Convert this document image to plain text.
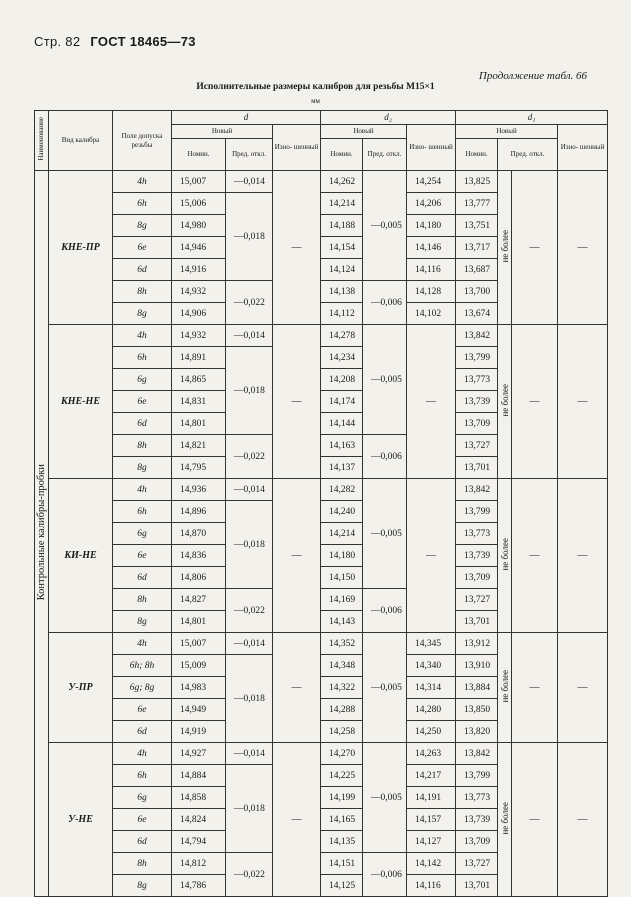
Стр. 82 ГОСТ 18465—73
Продолжение табл. 66
Исполнительные размеры калибров для резьбы М15×1
мм
Наименование	Вид калибра	Поле допуска резьбы	d			d₂			d₁			
			Новый		Изно- шенный	Новый		Изно- шенный	Новый			Изно- шенный
			Номин.	Пред. откл.		Номин.	Пред. откл.		Номин.	Пред. откл.		
Контрольные калибры-пробки	КНЕ-ПР	4h	15,007	—0,014	—	14,262	—0,005	14,254	13,825	не более	—	—
		6h	15,006	—0,018		14,214		14,206	13,777			
		8g	14,980			14,188		14,180	13,751			
		6e	14,946			14,154		14,146	13,717			
		6d	14,916			14,124		14,116	13,687			
		8h	14,932	—0,022		14,138	—0,006	14,128	13,700			
		8g	14,906			14,112		14,102	13,674			
	КНЕ-НЕ	4h	14,932	—0,014	—	14,278	—0,005	—	13,842	не более	—	—
		6h	14,891	—0,018		14,234			13,799			
		6g	14,865			14,208			13,773			
		6e	14,831			14,174			13,739			
		6d	14,801			14,144			13,709			
		8h	14,821	—0,022		14,163	—0,006		13,727			
		8g	14,795			14,137			13,701			
	КИ-НЕ	4h	14,936	—0,014	—	14,282	—0,005	—	13,842	не более	—	—
		6h	14,896	—0,018		14,240			13,799			
		6g	14,870			14,214			13,773			
		6e	14,836			14,180			13,739			
		6d	14,806			14,150			13,709			
		8h	14,827	—0,022		14,169	—0,006		13,727			
		8g	14,801			14,143			13,701			
	У-ПР	4h	15,007	—0,014	—	14,352	—0,005	14,345	13,912	не более	—	—
		6h; 8h	15,009	—0,018		14,348		14,340	13,910			
		6g; 8g	14,983			14,322		14,314	13,884			
		6e	14,949			14,288		14,280	13,850			
		6d	14,919			14,258		14,250	13,820			
	У-НЕ	4h	14,927	—0,014	—	14,270	—0,005	14,263	13,842	не более	—	—
		6h	14,884	—0,018		14,225		14,217	13,799			
		6g	14,858			14,199		14,191	13,773			
		6e	14,824			14,165		14,157	13,739			
		6d	14,794			14,135		14,127	13,709			
		8h	14,812	—0,022		14,151	—0,006	14,142	13,727			
		8g	14,786			14,125		14,116	13,701			
